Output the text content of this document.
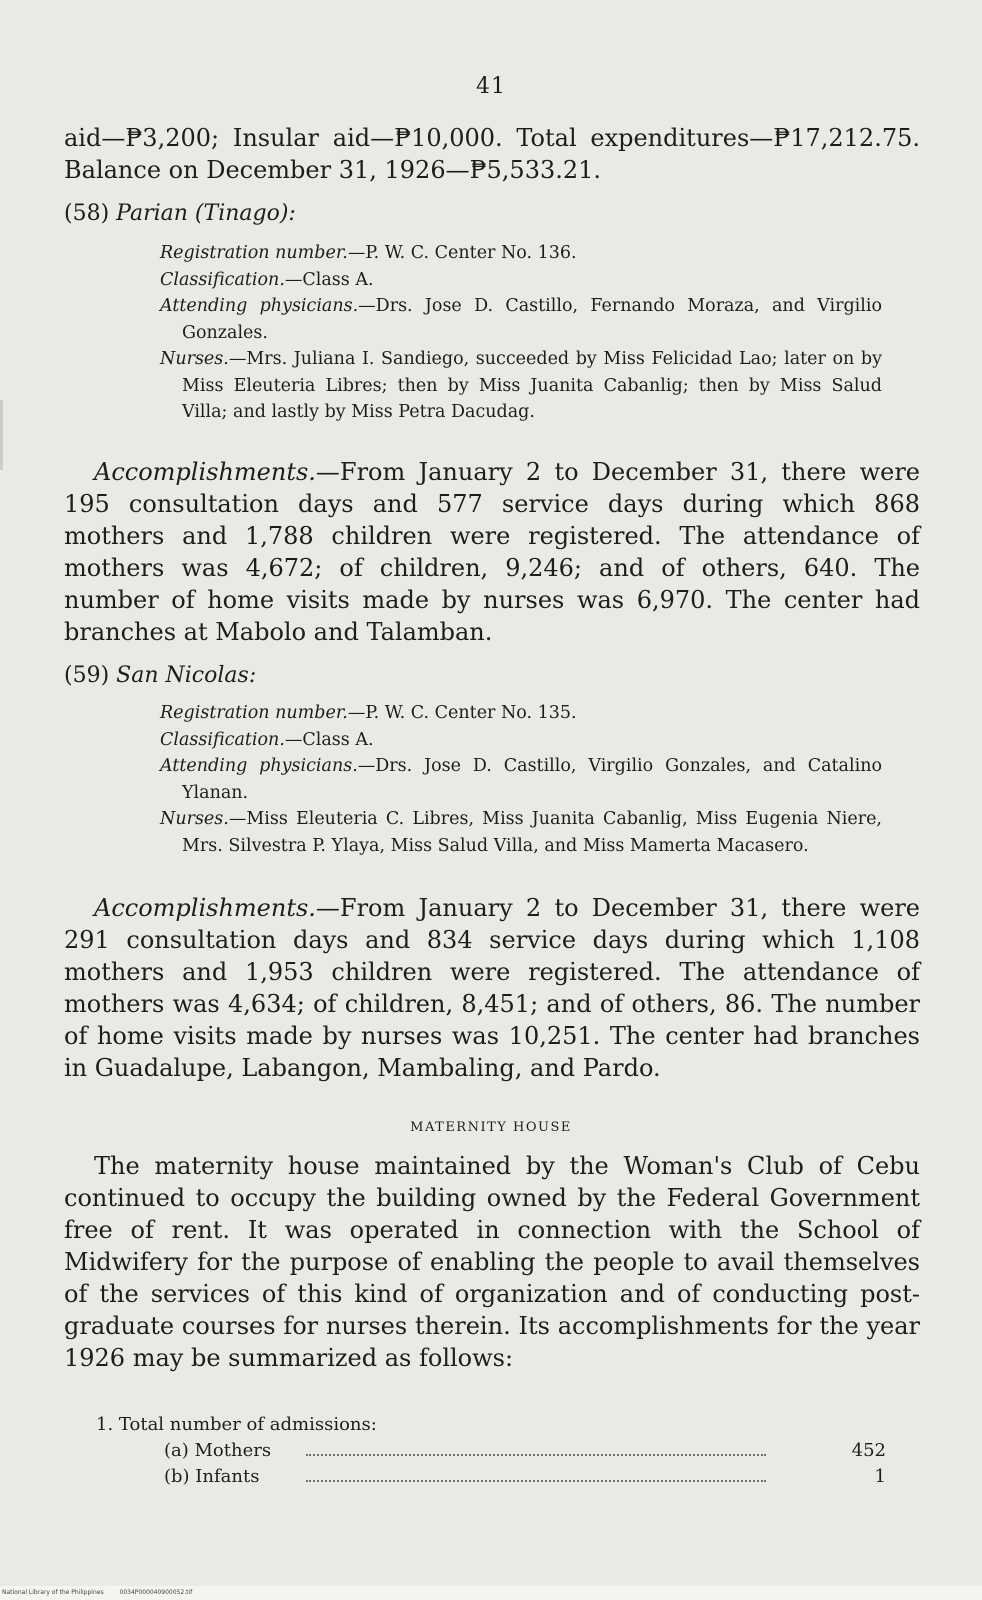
41

aid—₱3,200; Insular aid—₱10,000. Total expenditures—₱17,212.75. Balance on December 31, 1926—₱5,533.21.

(58) Parian (Tinago):

Registration number.—P. W. C. Center No. 136.

Classification.—Class A.

Attending physicians.—Drs. Jose D. Castillo, Fernando Moraza, and Virgilio Gonzales.

Nurses.—Mrs. Juliana I. Sandiego, succeeded by Miss Felicidad Lao; later on by Miss Eleuteria Libres; then by Miss Juanita Cabanlig; then by Miss Salud Villa; and lastly by Miss Petra Dacudag.

Accomplishments.—From January 2 to December 31, there were 195 consultation days and 577 service days during which 868 mothers and 1,788 children were registered. The attendance of mothers was 4,672; of children, 9,246; and of others, 640. The number of home visits made by nurses was 6,970. The center had branches at Mabolo and Talamban.

(59) San Nicolas:

Registration number.—P. W. C. Center No. 135.

Classification.—Class A.

Attending physicians.—Drs. Jose D. Castillo, Virgilio Gonzales, and Catalino Ylanan.

Nurses.—Miss Eleuteria C. Libres, Miss Juanita Cabanlig, Miss Eugenia Niere, Mrs. Silvestra P. Ylaya, Miss Salud Villa, and Miss Mamerta Macasero.

Accomplishments.—From January 2 to December 31, there were 291 consultation days and 834 service days during which 1,108 mothers and 1,953 children were registered. The attendance of mothers was 4,634; of children, 8,451; and of others, 86. The number of home visits made by nurses was 10,251. The center had branches in Guadalupe, Labangon, Mambaling, and Pardo.

MATERNITY HOUSE

The maternity house maintained by the Woman's Club of Cebu continued to occupy the building owned by the Federal Government free of rent. It was operated in connection with the School of Midwifery for the purpose of enabling the people to avail themselves of the services of this kind of organization and of conducting post-graduate courses for nurses therein. Its accomplishments for the year 1926 may be summarized as follows:

1. Total number of admissions:
(a) Mothers	452
(b) Infants	1
National Library of the Philippines	0034P000040900052.tif
